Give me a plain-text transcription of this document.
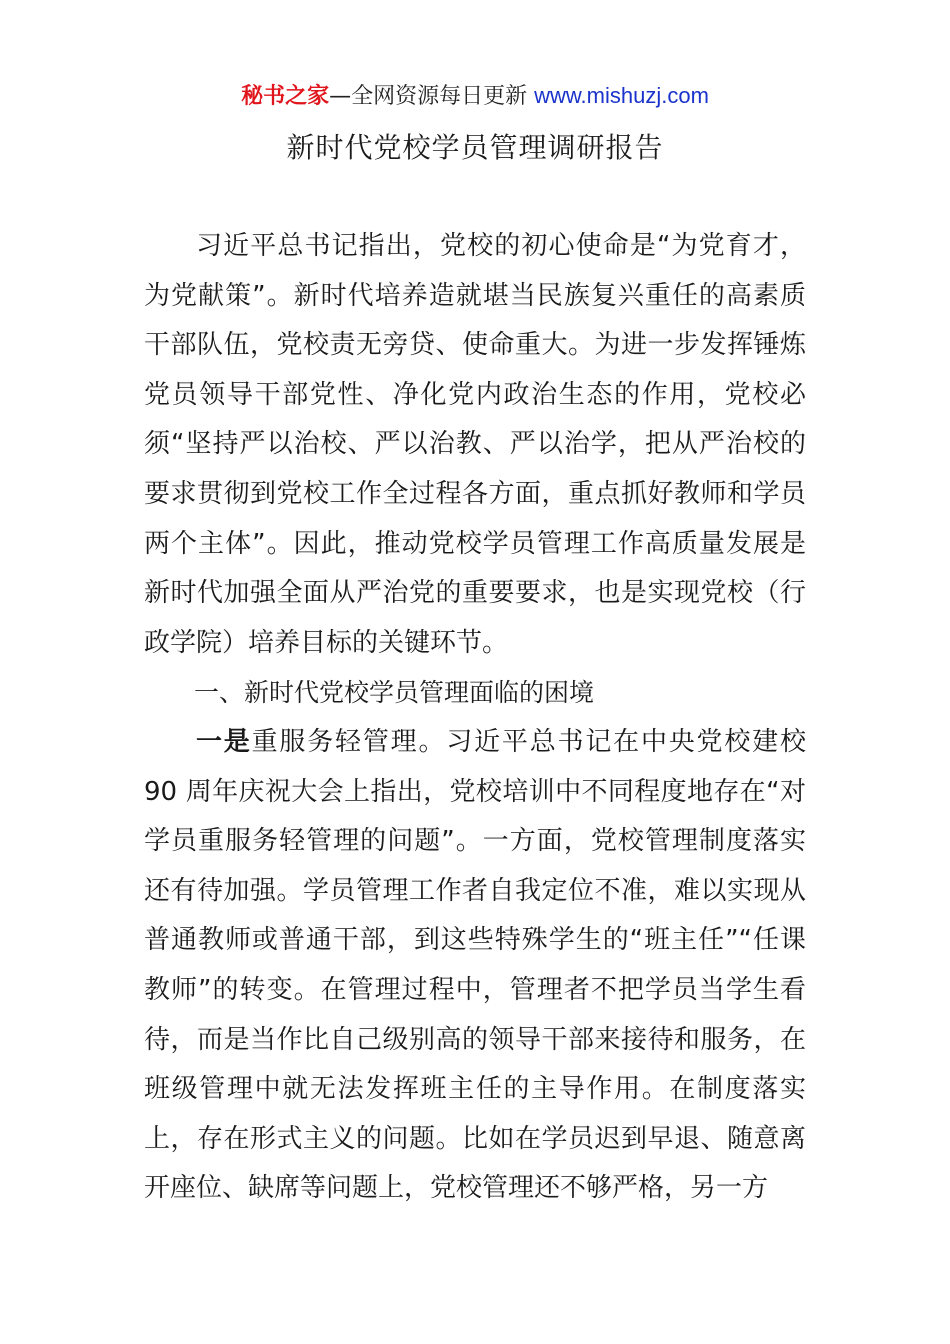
秘书之家—全网资源每日更新 www.mishuzj.com
新时代党校学员管理调研报告

习近平总书记指出，党校的初心使命是“为党育才，为党献策”。新时代培养造就堪当民族复兴重任的高素质干部队伍，党校责无旁贷、使命重大。为进一步发挥锤炼党员领导干部党性、净化党内政治生态的作用，党校必须“坚持严以治校、严以治教、严以治学，把从严治校的要求贯彻到党校工作全过程各方面，重点抓好教师和学员两个主体”。因此，推动党校学员管理工作高质量发展是新时代加强全面从严治党的重要要求，也是实现党校（行政学院）培养目标的关键环节。

一、新时代党校学员管理面临的困境

一是重服务轻管理。习近平总书记在中央党校建校 90 周年庆祝大会上指出，党校培训中不同程度地存在“对学员重服务轻管理的问题”。一方面，党校管理制度落实还有待加强。学员管理工作者自我定位不准，难以实现从普通教师或普通干部，到这些特殊学生的“班主任”“任课教师”的转变。在管理过程中，管理者不把学员当学生看待，而是当作比自己级别高的领导干部来接待和服务，在班级管理中就无法发挥班主任的主导作用。在制度落实上，存在形式主义的问题。比如在学员迟到早退、随意离开座位、缺席等问题上，党校管理还不够严格，另一方
